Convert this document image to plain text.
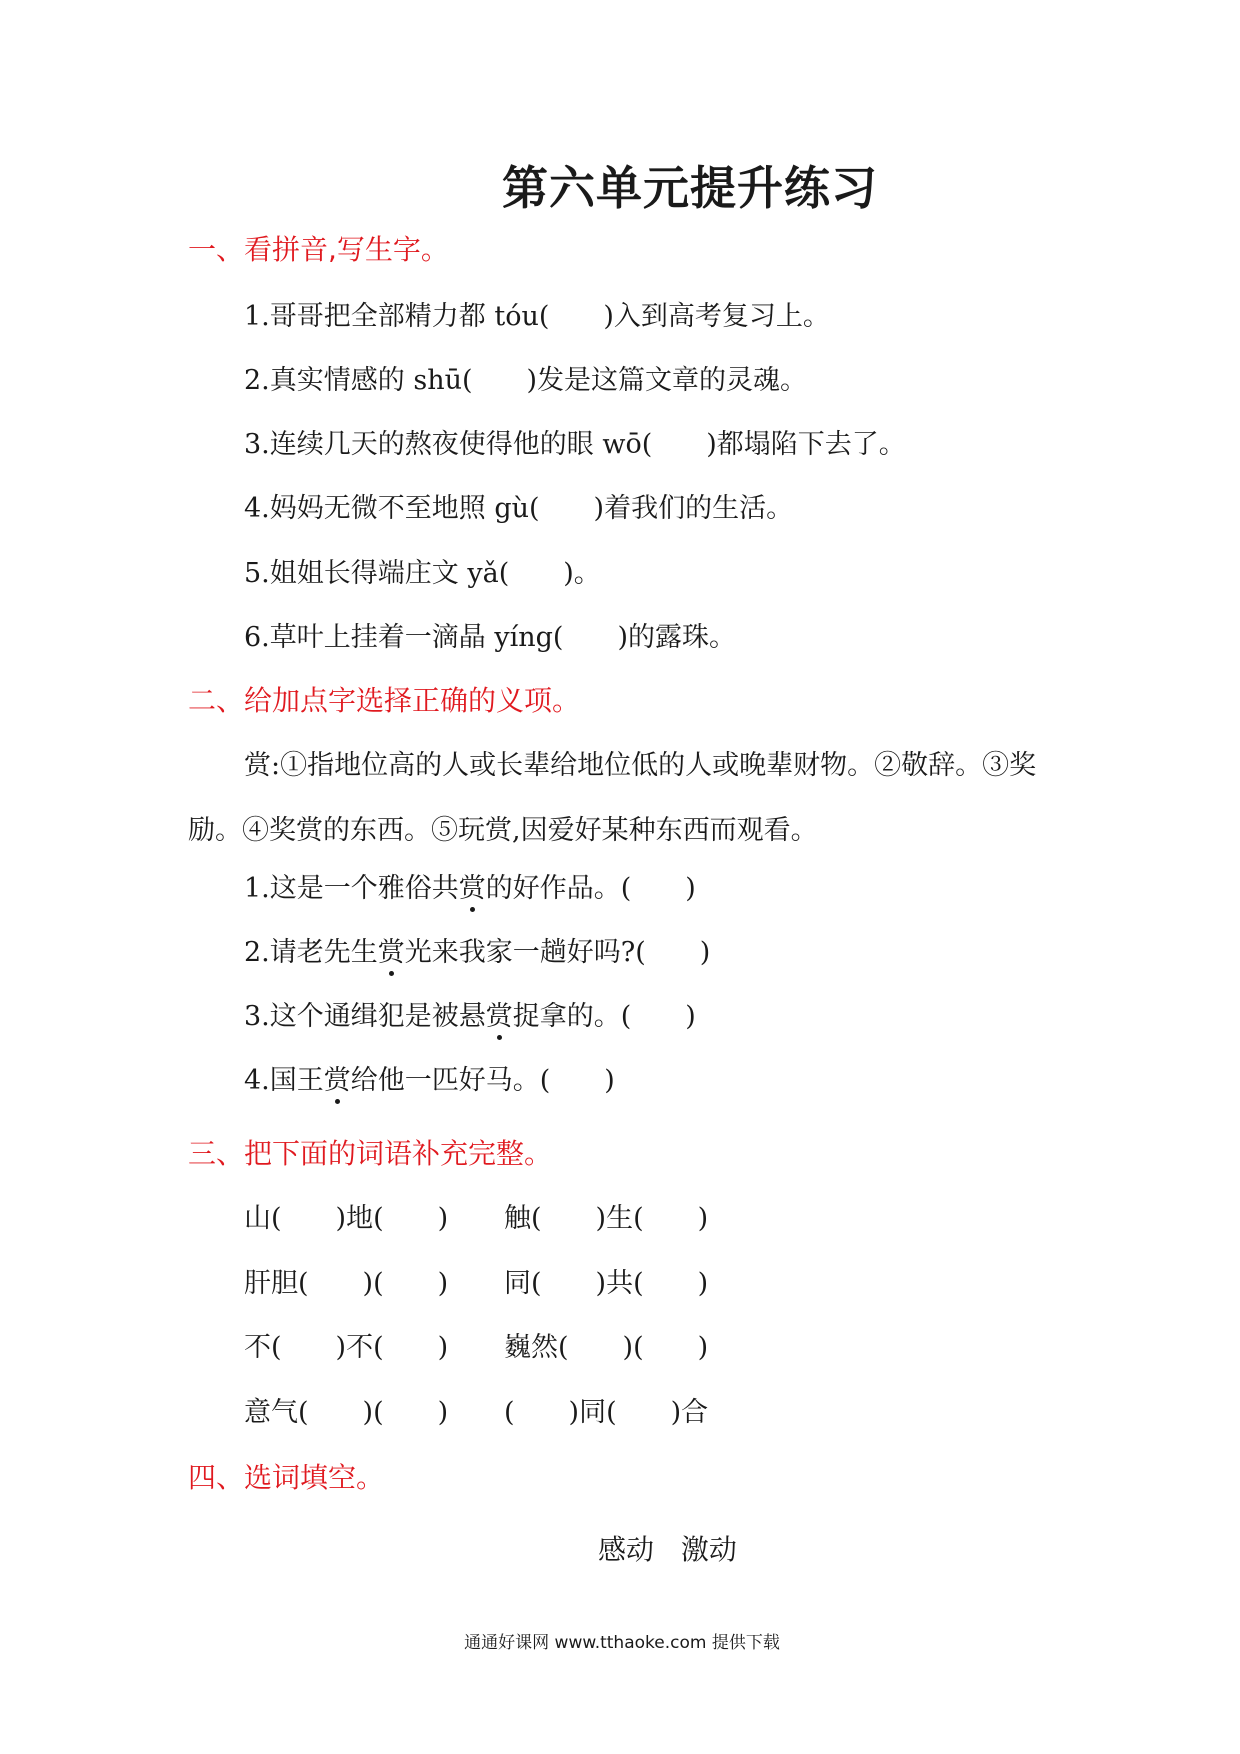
第六单元提升练习
一、看拼音,写生字。
1.哥哥把全部精力都 tóu(　　)入到高考复习上。
2.真实情感的 shū(　　)发是这篇文章的灵魂。
3.连续几天的熬夜使得他的眼 wō(　　)都塌陷下去了。
4.妈妈无微不至地照 gù(　　)着我们的生活。
5.姐姐长得端庄文 yǎ(　　)。
6.草叶上挂着一滴晶 yíng(　　)的露珠。
二、给加点字选择正确的义项。
赏:①指地位高的人或长辈给地位低的人或晚辈财物。②敬辞。③奖
励。④奖赏的东西。⑤玩赏,因爱好某种东西而观看。
1.这是一个雅俗共赏的好作品。(　　)
2.请老先生赏光来我家一趟好吗?(　　)
3.这个通缉犯是被悬赏捉拿的。(　　)
4.国王赏给他一匹好马。(　　)
三、把下面的词语补充完整。
山(　　)地(　　) 触(　　)生(　　)
肝胆(　　)(　　) 同(　　)共(　　)
不(　　)不(　　) 巍然(　　)(　　)
意气(　　)(　　) (　　)同(　　)合
四、选词填空。
感动 激动
通通好课网 www.tthaoke.com 提供下载
